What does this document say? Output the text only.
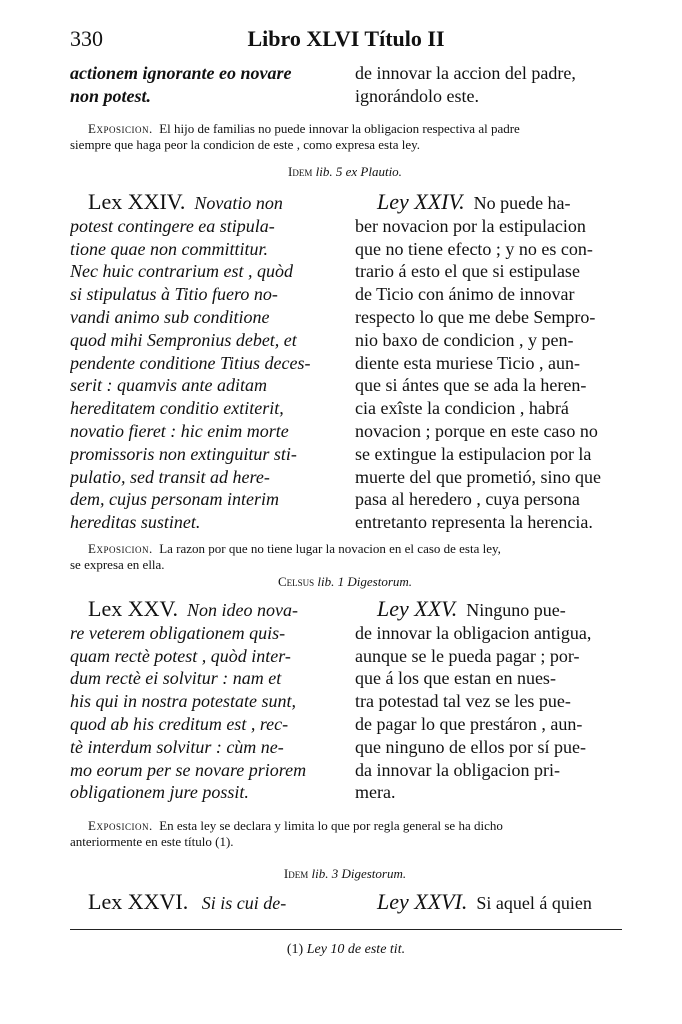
330	Libro XLVI Título II
actionem ignorante eo novare
non potest.
de innovar la accion del padre,
ignorándolo este.
Exposicion. El hijo de familias no puede innovar la obligacion respectiva al padre
siempre que haga peor la condicion de este , como expresa esta ley.
Idem lib. 5 ex Plautio.
Lex XXIV. Novatio non
potest contingere ea stipula-
tione quae non committitur.
Nec huic contrarium est , quòd
si stipulatus à Titio fuero no-
vandi animo sub conditione
quod mihi Sempronius debet, et
pendente conditione Titius deces-
serit : quamvis ante aditam
hereditatem conditio extiterit,
novatio fieret : hic enim morte
promissoris non extinguitur sti-
pulatio, sed transit ad here-
dem, cujus personam interim
hereditas sustinet.
Ley XXIV. No puede ha-
ber novacion por la estipulacion
que no tiene efecto ; y no es con-
trario á esto el que si estipulase
de Ticio con ánimo de innovar
respecto lo que me debe Sempro-
nio baxo de condicion , y pen-
diente esta muriese Ticio , aun-
que si ántes que se ada la heren-
cia exîste la condicion , habrá
novacion ; porque en este caso no
se extingue la estipulacion por la
muerte del que prometió, sino que
pasa al heredero , cuya persona
entretanto representa la herencia.
Exposicion. La razon por que no tiene lugar la novacion en el caso de esta ley,
se expresa en ella.
Celsus lib. 1 Digestorum.
Lex XXV. Non ideo nova-
re veterem obligationem quis-
quam rectè potest , quòd inter-
dum rectè ei solvitur : nam et
his qui in nostra potestate sunt,
quod ab his creditum est , rec-
tè interdum solvitur : cùm ne-
mo eorum per se novare priorem
obligationem jure possit.
Ley XXV. Ninguno pue-
de innovar la obligacion antigua,
aunque se le pueda pagar ; por-
que á los que estan en nues-
tra potestad tal vez se les pue-
de pagar lo que prestáron , aun-
que ninguno de ellos por sí pue-
da innovar la obligacion pri-
mera.
Exposicion. En esta ley se declara y limita lo que por regla general se ha dicho
anteriormente en este título (1).
Idem lib. 3 Digestorum.
Lex XXVI. Si is cui de-	Ley XXVI. Si aquel á quien
(1) Ley 10 de este tit.
